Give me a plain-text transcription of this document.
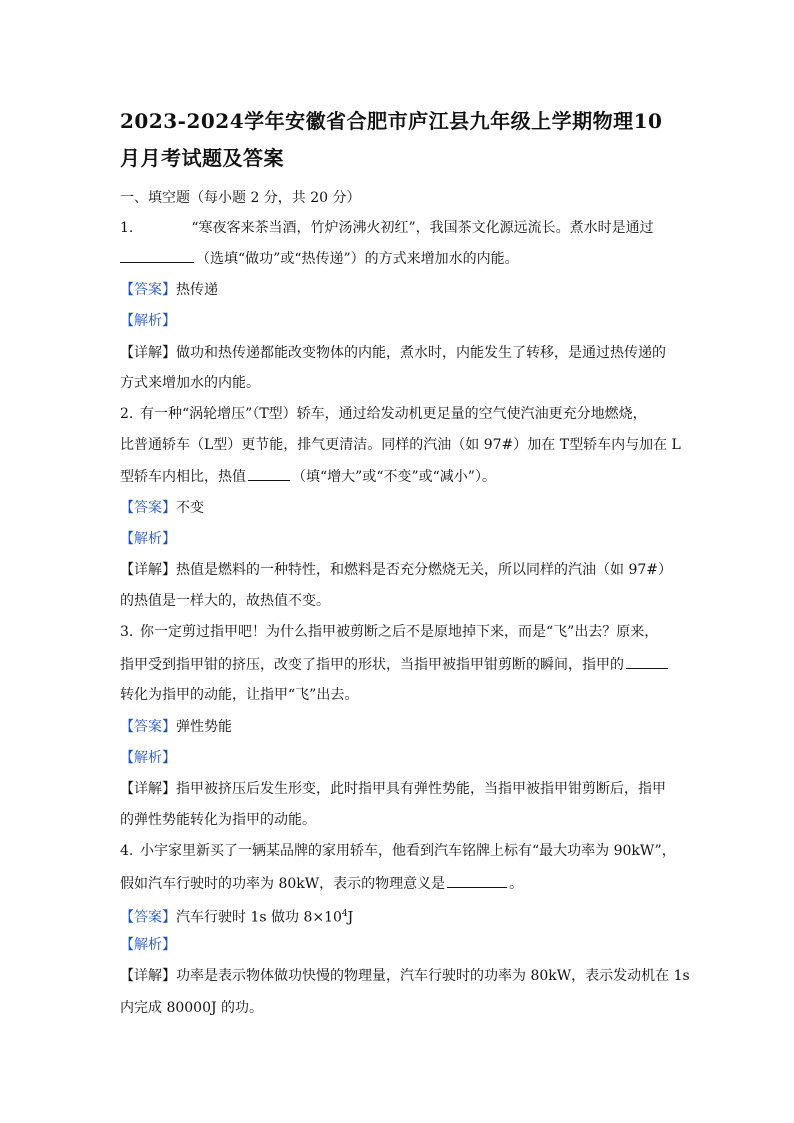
2023-2024学年安徽省合肥市庐江县九年级上学期物理10
月月考试题及答案
一、填空题（每小题 2 分，共 20 分）
1.	“寒夜客来茶当酒，竹炉汤沸火初红”，我国茶文化源远流长。煮水时是通过
（选填“做功”或“热传递”）的方式来增加水的内能。
【答案】热传递
【解析】
【详解】做功和热传递都能改变物体的内能，煮水时，内能发生了转移，是通过热传递的
方式来增加水的内能。
2. 有一种“涡轮增压”（T型）轿车，通过给发动机更足量的空气使汽油更充分地燃烧，
比普通轿车（L型）更节能，排气更清洁。同样的汽油（如 97#）加在 T型轿车内与加在 L
型轿车内相比，热值	（填“增大”或“不变”或“减小”）。
【答案】不变
【解析】
【详解】热值是燃料的一种特性，和燃料是否充分燃烧无关，所以同样的汽油（如 97#）
的热值是一样大的，故热值不变。
3. 你一定剪过指甲吧！为什么指甲被剪断之后不是原地掉下来，而是“飞”出去？原来，
指甲受到指甲钳的挤压，改变了指甲的形状，当指甲被指甲钳剪断的瞬间，指甲的
转化为指甲的动能，让指甲“飞”出去。
【答案】弹性势能
【解析】
【详解】指甲被挤压后发生形变，此时指甲具有弹性势能，当指甲被指甲钳剪断后，指甲
的弹性势能转化为指甲的动能。
4. 小宇家里新买了一辆某品牌的家用轿车，他看到汽车铭牌上标有“最大功率为 90kW”，
假如汽车行驶时的功率为 80kW，表示的物理意义是	。
【答案】汽车行驶时 1s 做功 $8\times 10^4J$
【解析】
【详解】功率是表示物体做功快慢的物理量，汽车行驶时的功率为 80kW，表示发动机在 1s
内完成 80000J 的功。
